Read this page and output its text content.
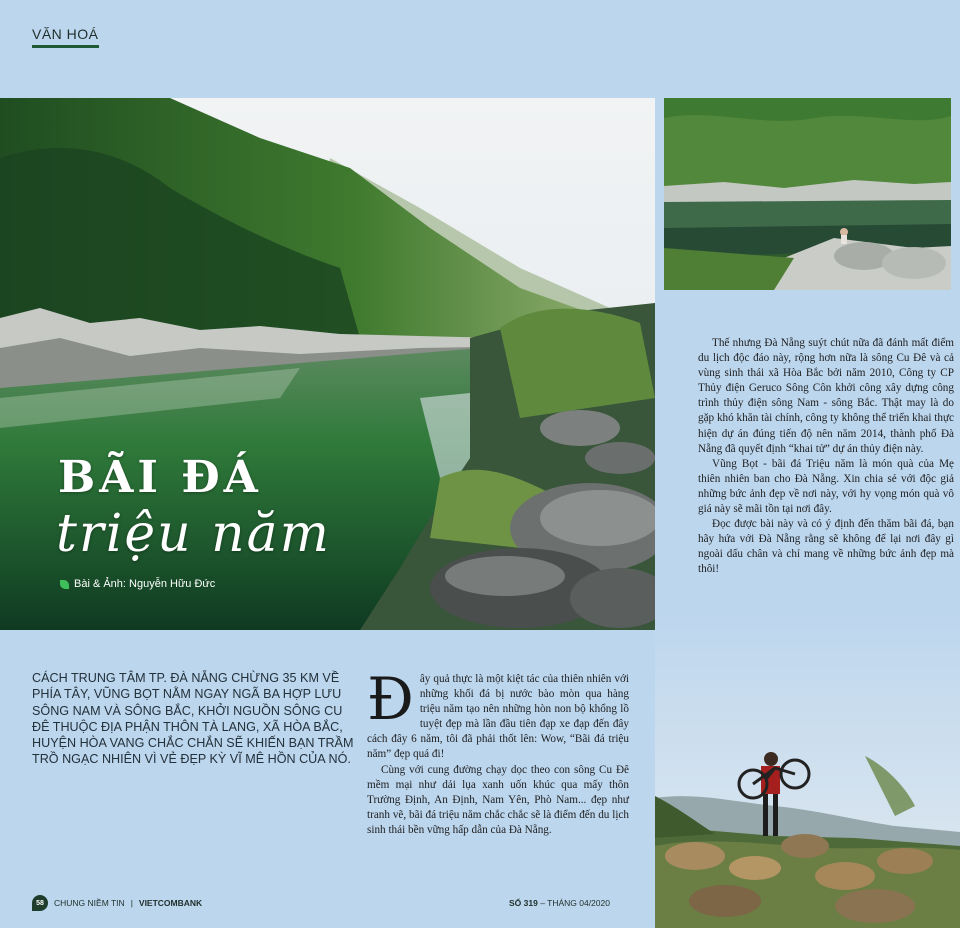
VĂN HOÁ
BÃI ĐÁ
triệu năm
Bài & Ảnh: Nguyễn Hữu Đức

Thế nhưng Đà Nẵng suýt chút nữa đã đánh mất điểm du lịch độc đáo này, rộng hơn nữa là sông Cu Đê và cả vùng sinh thái xã Hòa Bắc bởi năm 2010, Công ty CP Thủy điện Geruco Sông Côn khởi công xây dựng công trình thủy điện sông Nam - sông Bắc. Thật may là do gặp khó khăn tài chính, công ty không thể triển khai thực hiện dự án đúng tiến độ nên năm 2014, thành phố Đà Nẵng đã quyết định “khai tử” dự án thủy điện này.

Vũng Bọt - bãi đá Triệu năm là món quà của Mẹ thiên nhiên ban cho Đà Nẵng. Xin chia sẻ với độc giả những bức ảnh đẹp về nơi này, với hy vọng món quà vô giá này sẽ mãi tồn tại nơi đây.

Đọc được bài này và có ý định đến thăm bãi đá, bạn hãy hứa với Đà Nẵng rằng sẽ không để lại nơi đây gì ngoài dấu chân và chỉ mang về những bức ảnh đẹp mà thôi!

CÁCH TRUNG TÂM TP. ĐÀ NẴNG CHỪNG 35 KM VỀ PHÍA TÂY, VŨNG BỌT NẰM NGAY NGÃ BA HỢP LƯU SÔNG NAM VÀ SÔNG BẮC, KHỞI NGUỒN SÔNG CU ĐÊ THUỘC ĐỊA PHẬN THÔN TÀ LANG, XÃ HÒA BẮC, HUYỆN HÒA VANG CHẮC CHẮN SẼ KHIẾN BẠN TRẦM TRỒ NGẠC NHIÊN VÌ VẺ ĐẸP KỲ VĨ MÊ HỒN CỦA NÓ.

Đây quả thực là một kiệt tác của thiên nhiên với những khối đá bị nước bào mòn qua hàng triệu năm tạo nên những hòn non bộ khổng lồ tuyệt đẹp mà lần đầu tiên đạp xe đạp đến đây cách đây 6 năm, tôi đã phải thốt lên: Wow, “Bãi đá triệu năm” đẹp quá đi!

Cùng với cung đường chạy dọc theo con sông Cu Đê mềm mại như dải lụa xanh uốn khúc qua mấy thôn Trường Định, An Định, Nam Yên, Phò Nam... đẹp như tranh vẽ, bãi đá triệu năm chắc chắc sẽ là điểm đến du lịch sinh thái bền vững hấp dẫn của Đà Nẵng.

58	CHUNG NIỀM TIN | VIETCOMBANK	SỐ 319 – THÁNG 04/2020
